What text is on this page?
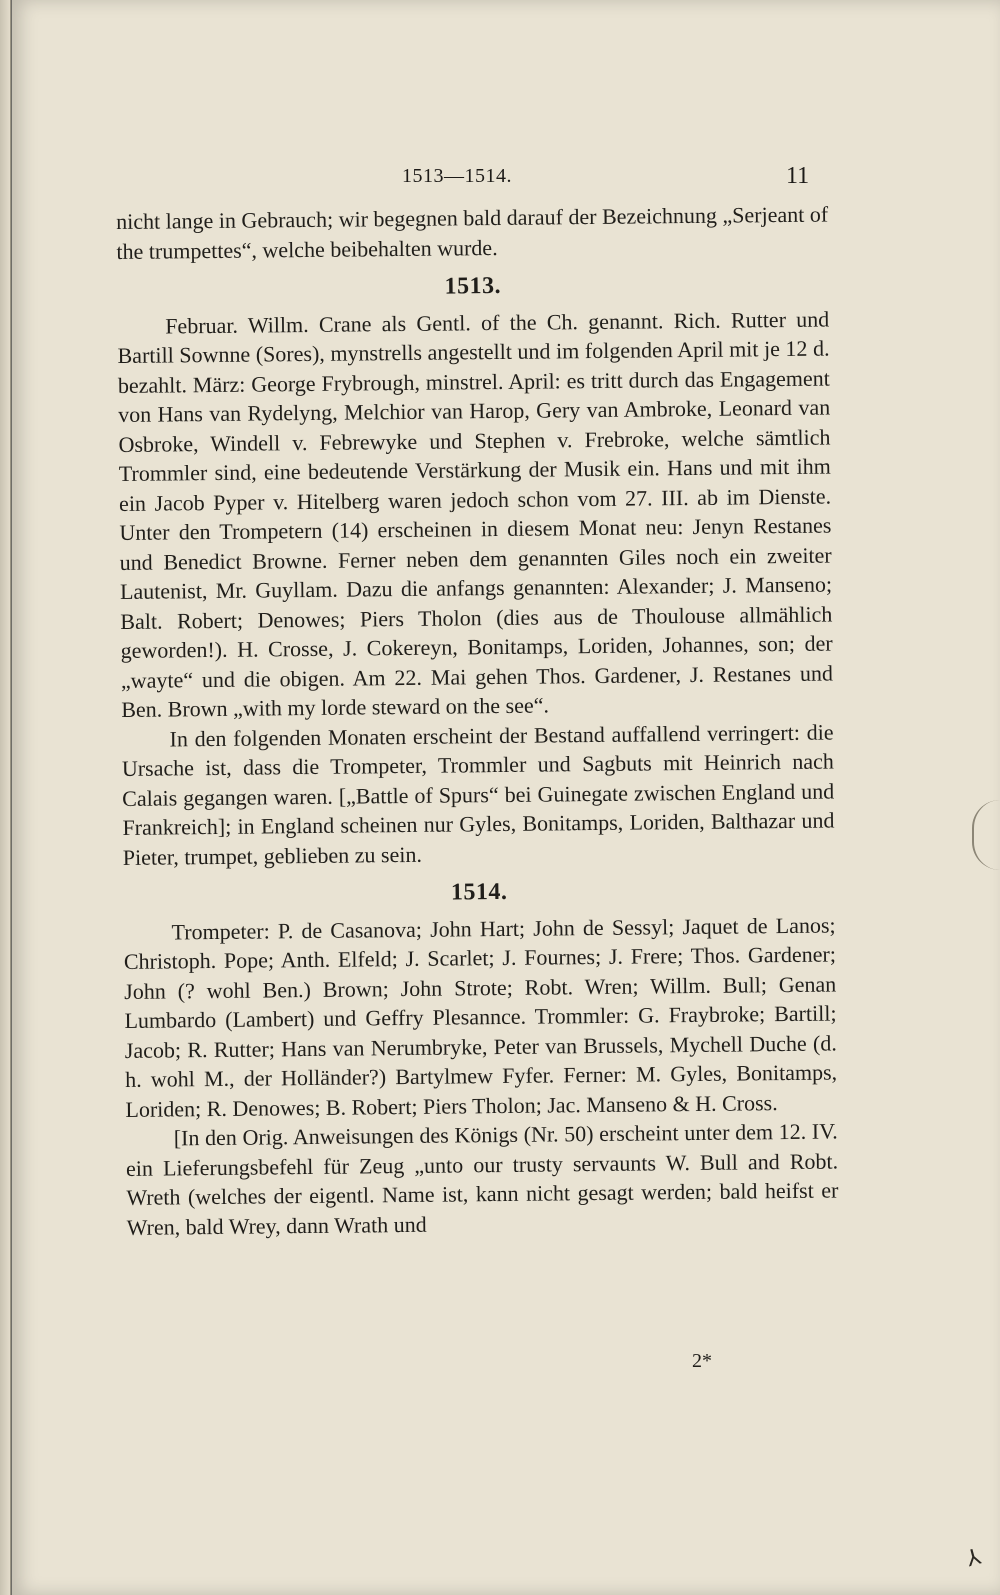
1513—1514.	11

nicht lange in Gebrauch; wir begegnen bald darauf der Bezeichnung „Serjeant of the trumpettes“, welche beibehalten wurde.

1513.

Februar. Willm. Crane als Gentl. of the Ch. genannt. Rich. Rutter und Bartill Sownne (Sores), mynstrells angestellt und im folgenden April mit je 12 d. bezahlt. März: George Frybrough, minstrel. April: es tritt durch das Engagement von Hans van Rydelyng, Melchior van Harop, Gery van Ambroke, Leonard van Osbroke, Windell v. Febrewyke und Stephen v. Frebroke, welche sämtlich Trommler sind, eine bedeutende Verstärkung der Musik ein. Hans und mit ihm ein Jacob Pyper v. Hitelberg waren jedoch schon vom 27. III. ab im Dienste. Unter den Trompetern (14) erscheinen in diesem Monat neu: Jenyn Restanes und Benedict Browne. Ferner neben dem genannten Giles noch ein zweiter Lautenist, Mr. Guyllam. Dazu die anfangs genannten: Alexander; J. Manseno; Balt. Robert; Denowes; Piers Tholon (dies aus de Thoulouse allmählich geworden!). H. Crosse, J. Cokereyn, Bonitamps, Loriden, Johannes, son; der „wayte“ und die obigen. Am 22. Mai gehen Thos. Gardener, J. Restanes und Ben. Brown „with my lorde steward on the see“.

In den folgenden Monaten erscheint der Bestand auffallend verringert: die Ursache ist, dass die Trompeter, Trommler und Sagbuts mit Heinrich nach Calais gegangen waren. [„Battle of Spurs“ bei Guinegate zwischen England und Frankreich]; in England scheinen nur Gyles, Bonitamps, Loriden, Balthazar und Pieter, trumpet, geblieben zu sein.

1514.

Trompeter: P. de Casanova; John Hart; John de Sessyl; Jaquet de Lanos; Christoph. Pope; Anth. Elfeld; J. Scarlet; J. Fournes; J. Frere; Thos. Gardener; John (? wohl Ben.) Brown; John Strote; Robt. Wren; Willm. Bull; Genan Lumbardo (Lambert) und Geffry Plesannce. Trommler: G. Fraybroke; Bartill; Jacob; R. Rutter; Hans van Nerumbryke, Peter van Brussels, Mychell Duche (d. h. wohl M., der Holländer?) Bartylmew Fyfer. Ferner: M. Gyles, Bonitamps, Loriden; R. Denowes; B. Robert; Piers Tholon; Jac. Manseno & H. Cross.

[In den Orig. Anweisungen des Königs (Nr. 50) erscheint unter dem 12. IV. ein Lieferungsbefehl für Zeug „unto our trusty servaunts W. Bull and Robt. Wreth (welches der eigentl. Name ist, kann nicht gesagt werden; bald heifst er Wren, bald Wrey, dann Wrath und

2*
⅄
